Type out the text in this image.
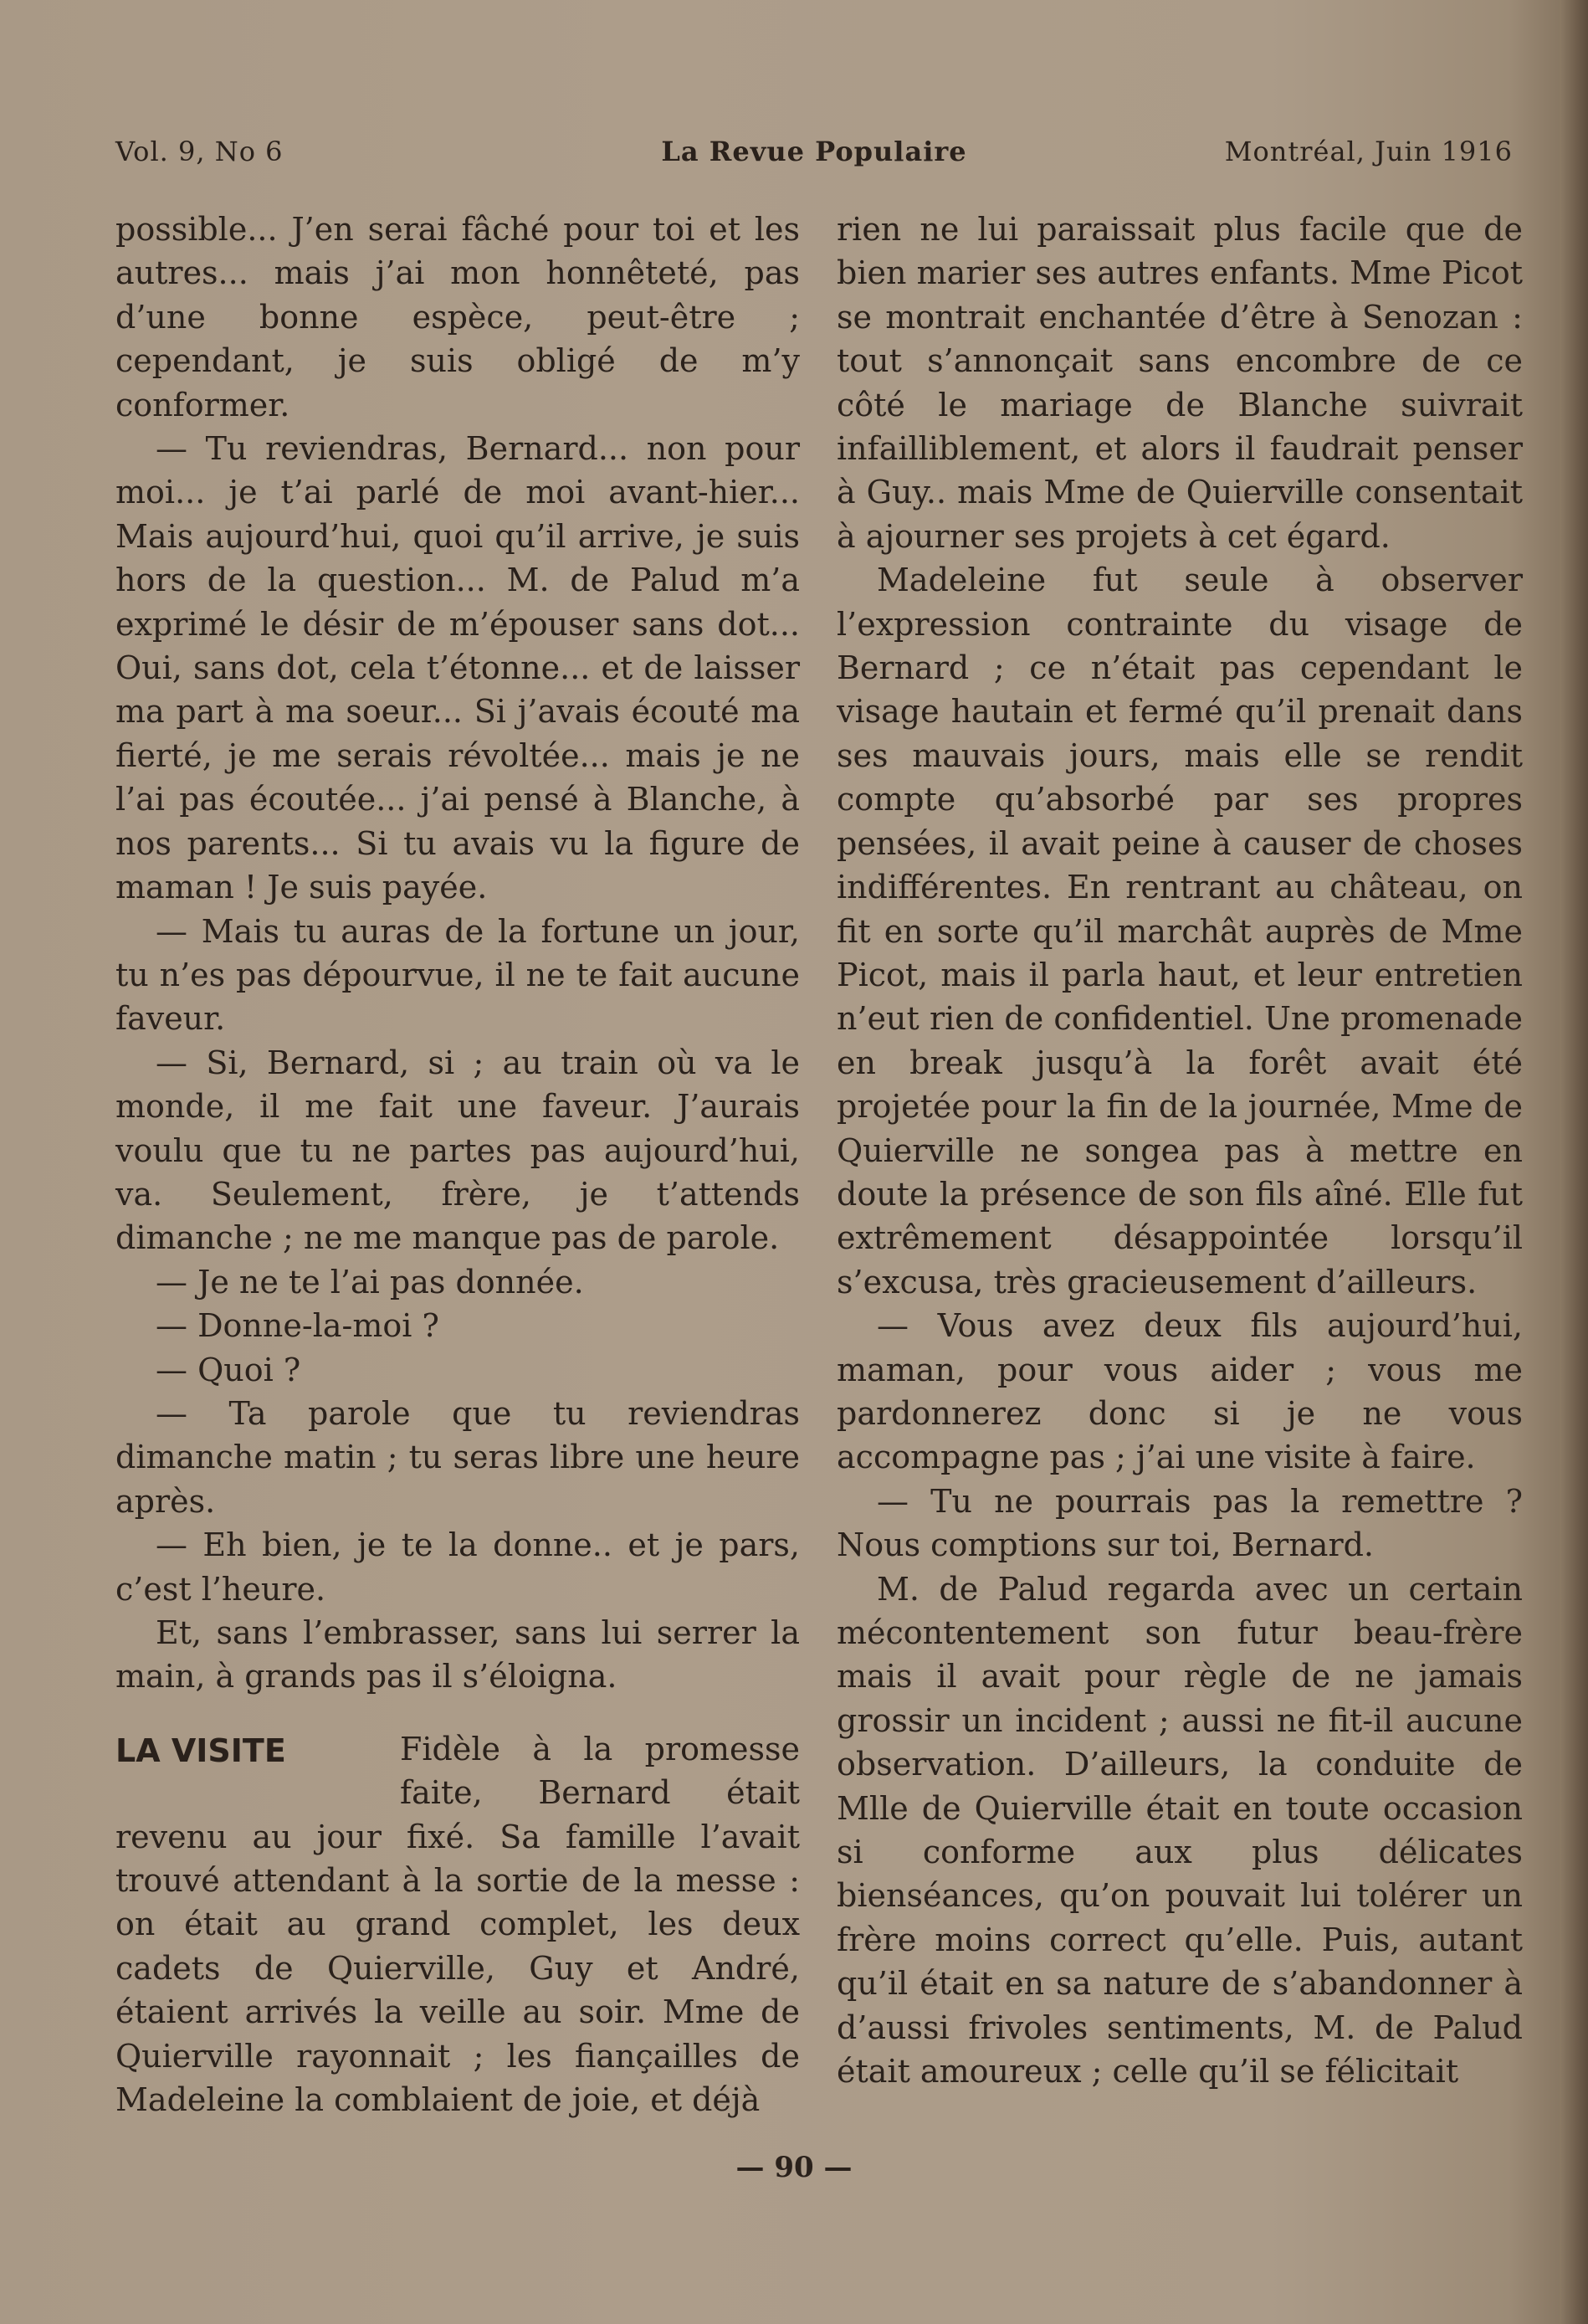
La Revue Populaire
Vol. 9, No 6	Montréal, Juin 1916

possible... J’en serai fâché pour toi et les autres... mais j’ai mon honnêteté, pas d’une bonne espèce, peut-être ; cependant, je suis obligé de m’y conformer.

— Tu reviendras, Bernard... non pour moi... je t’ai parlé de moi avant-hier... Mais aujourd’hui, quoi qu’il arrive, je suis hors de la question... M. de Palud m’a exprimé le désir de m’épouser sans dot... Oui, sans dot, cela t’étonne... et de laisser ma part à ma soeur... Si j’avais écouté ma fierté, je me serais révoltée... mais je ne l’ai pas écoutée... j’ai pensé à Blanche, à nos parents... Si tu avais vu la figure de maman ! Je suis payée.

— Mais tu auras de la fortune un jour, tu n’es pas dépourvue, il ne te fait aucune faveur.

— Si, Bernard, si ; au train où va le monde, il me fait une faveur. J’aurais voulu que tu ne partes pas aujourd’hui, va. Seulement, frère, je t’attends dimanche ; ne me manque pas de parole.

— Je ne te l’ai pas donnée.

— Donne-la-moi ?

— Quoi ?

— Ta parole que tu reviendras dimanche matin ; tu seras libre une heure après.

— Eh bien, je te la donne.. et je pars, c’est l’heure.

Et, sans l’embrasser, sans lui serrer la main, à grands pas il s’éloigna.

LA VISITE	Fidèle à la promesse faite, Bernard était revenu au jour fixé. Sa famille l’avait trouvé attendant à la sortie de la messe : on était au grand complet, les deux cadets de Quierville, Guy et André, étaient arrivés la veille au soir. Mme de Quierville rayonnait ; les fiançailles de Madeleine la comblaient de joie, et déjà

rien ne lui paraissait plus facile que de bien marier ses autres enfants. Mme Picot se montrait enchantée d’être à Senozan : tout s’annonçait sans encombre de ce côté le mariage de Blanche suivrait infailliblement, et alors il faudrait penser à Guy.. mais Mme de Quierville consentait à ajourner ses projets à cet égard.

Madeleine fut seule à observer l’expression contrainte du visage de Bernard ; ce n’était pas cependant le visage hautain et fermé qu’il prenait dans ses mauvais jours, mais elle se rendit compte qu’absorbé par ses propres pensées, il avait peine à causer de choses indifférentes. En rentrant au château, on fit en sorte qu’il marchât auprès de Mme Picot, mais il parla haut, et leur entretien n’eut rien de confidentiel. Une promenade en break jusqu’à la forêt avait été projetée pour la fin de la journée, Mme de Quierville ne songea pas à mettre en doute la présence de son fils aîné. Elle fut extrêmement désappointée lorsqu’il s’excusa, très gracieusement d’ailleurs.

— Vous avez deux fils aujourd’hui, maman, pour vous aider ; vous me pardonnerez donc si je ne vous accompagne pas ; j’ai une visite à faire.

— Tu ne pourrais pas la remettre ? Nous comptions sur toi, Bernard.

M. de Palud regarda avec un certain mécontentement son futur beau-frère mais il avait pour règle de ne jamais grossir un incident ; aussi ne fit-il aucune observation. D’ailleurs, la conduite de Mlle de Quierville était en toute occasion si conforme aux plus délicates bienséances, qu’on pouvait lui tolérer un frère moins correct qu’elle. Puis, autant qu’il était en sa nature de s’abandonner à d’aussi frivoles sentiments, M. de Palud était amoureux ; celle qu’il se félicitait

— 90 —
